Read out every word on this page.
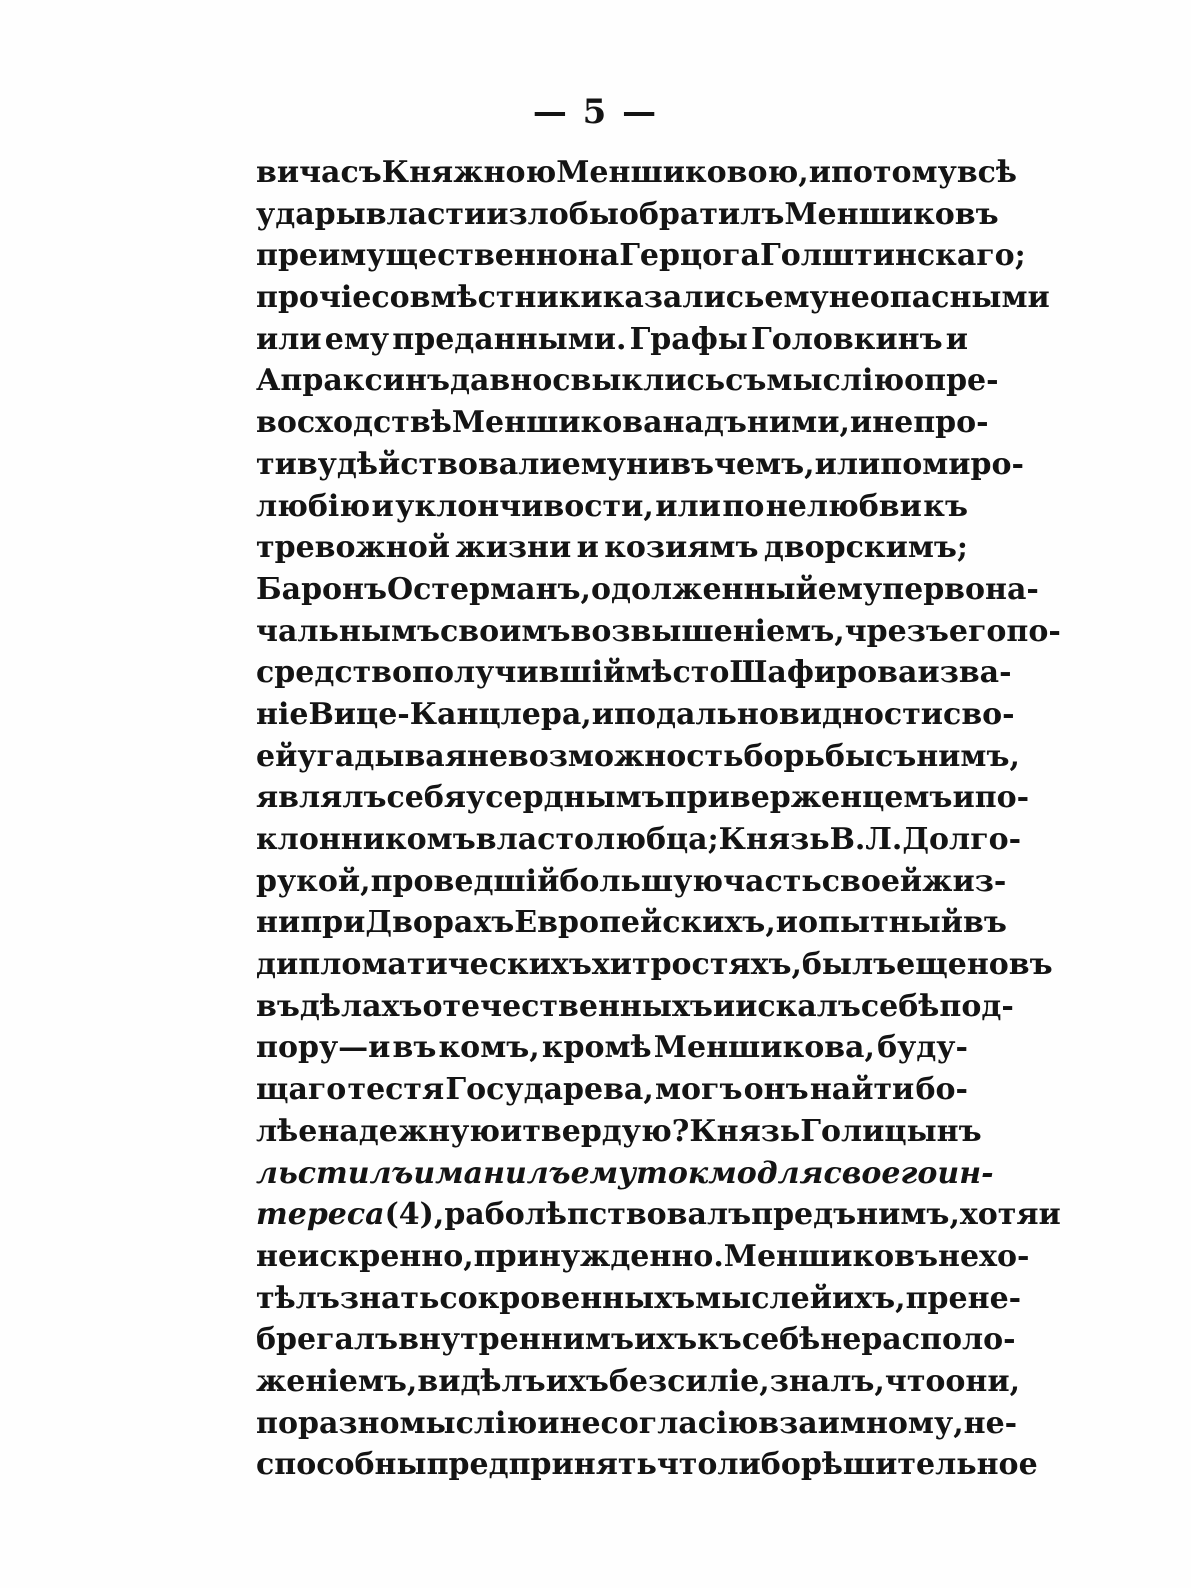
— 5 —
вича съ Княжною Меншиковою, и потому всѣ
удары власти и злобы обратилъ Меншиковъ
преимущественно на Герцога Голштинскаго;
прочіе совмѣстники казались ему неопасными
или ему преданными. Графы Головкинъ и
Апраксинъ давно свыклись съ мыслію о пре-
восходствѣ Меншикова надъ ними, и не про-
тивудѣйствовали ему ни въ чемъ, или по миро-
любію и уклончивости, или по нелюбви къ
тревожной жизни и козиямъ дворскимъ;
Баронъ Остерманъ, одолженный ему первона-
чальнымъ своимъ возвышеніемъ, чрезъ его по-
средство получившій мѣсто Шафирова и зва-
ніе Вице-Канцлера, и по дальновидности сво-
ей угадывая невозможность борьбы съ нимъ,
являлъ себя усерднымъ приверженцемъ и по-
клонникомъ властолюбца; Князь В. Л. Долго-
рукой, проведшій большую часть своей жиз-
ни при Дворахъ Европейскихъ, и опытный въ
дипломатическихъ хитростяхъ, былъ еще новъ
въ дѣлахъ отечественныхъ и искалъ себѣ под-
пору—и въ комъ, кромѣ Меншикова, буду-
щаго тестя Государева, могъ онъ найти бо-
лѣе надежную и твердую? Князь Голицынъ
льстилъ и манилъ ему токмо для своего ин-
тереса (4), раболѣпствовалъ предъ нимъ, хотя и
неискренно, принужденно. Меншиковъ не хо-
тѣлъ знать сокровенныхъ мыслей ихъ, прене-
брегалъ внутреннимъ ихъ къ себѣ нерасполо-
женіемъ, видѣлъ ихъ безсиліе, зналъ, что они,
по разномыслію и несогласію взаимному, не-
способны предпринять что либо рѣшительное
